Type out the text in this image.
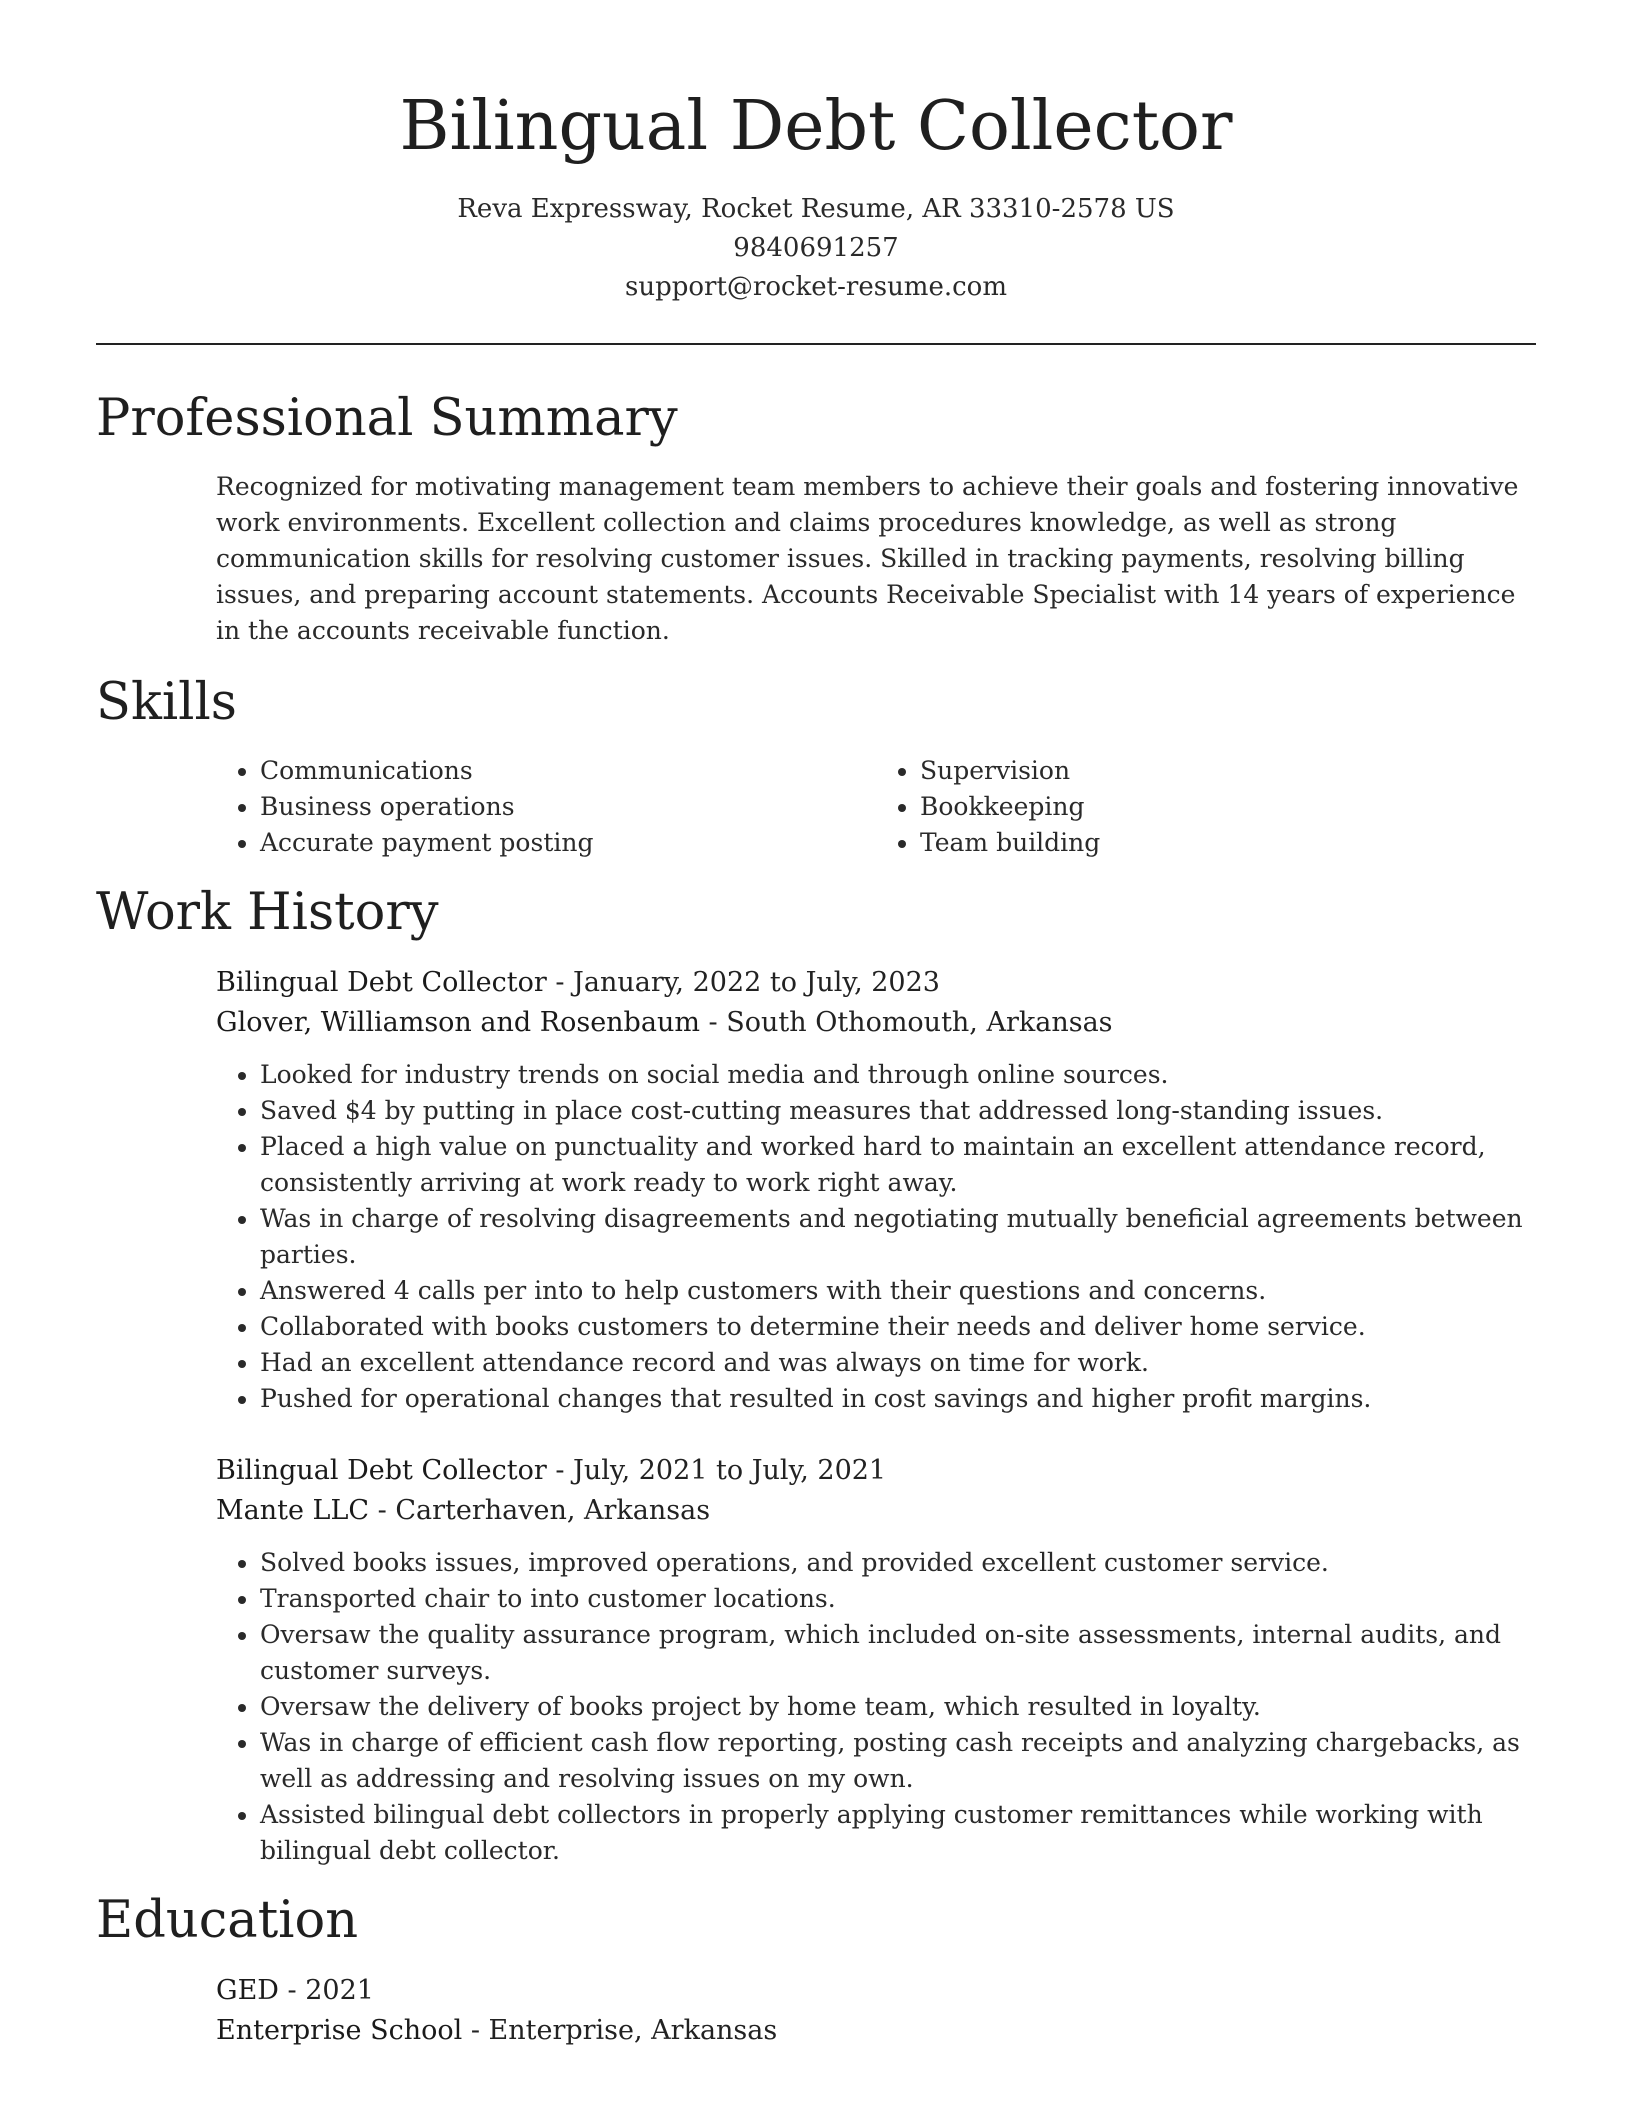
Bilingual Debt Collector
Reva Expressway, Rocket Resume, AR 33310-2578 US
9840691257
support@rocket-resume.com
Professional Summary
Recognized for motivating management team members to achieve their goals and fostering innovative work environments. Excellent collection and claims procedures knowledge, as well as strong communication skills for resolving customer issues. Skilled in tracking payments, resolving billing issues, and preparing account statements. Accounts Receivable Specialist with 14 years of experience in the accounts receivable function.
Skills
• Communications
• Business operations
• Accurate payment posting
• Supervision
• Bookkeeping
• Team building
Work History
Bilingual Debt Collector - January, 2022 to July, 2023
Glover, Williamson and Rosenbaum - South Othomouth, Arkansas
• Looked for industry trends on social media and through online sources.
• Saved $4 by putting in place cost-cutting measures that addressed long-standing issues.
• Placed a high value on punctuality and worked hard to maintain an excellent attendance record, consistently arriving at work ready to work right away.
• Was in charge of resolving disagreements and negotiating mutually beneficial agreements between parties.
• Answered 4 calls per into to help customers with their questions and concerns.
• Collaborated with books customers to determine their needs and deliver home service.
• Had an excellent attendance record and was always on time for work.
• Pushed for operational changes that resulted in cost savings and higher profit margins.
Bilingual Debt Collector - July, 2021 to July, 2021
Mante LLC - Carterhaven, Arkansas
• Solved books issues, improved operations, and provided excellent customer service.
• Transported chair to into customer locations.
• Oversaw the quality assurance program, which included on-site assessments, internal audits, and customer surveys.
• Oversaw the delivery of books project by home team, which resulted in loyalty.
• Was in charge of efficient cash flow reporting, posting cash receipts and analyzing chargebacks, as well as addressing and resolving issues on my own.
• Assisted bilingual debt collectors in properly applying customer remittances while working with bilingual debt collector.
Education
GED - 2021
Enterprise School - Enterprise, Arkansas
